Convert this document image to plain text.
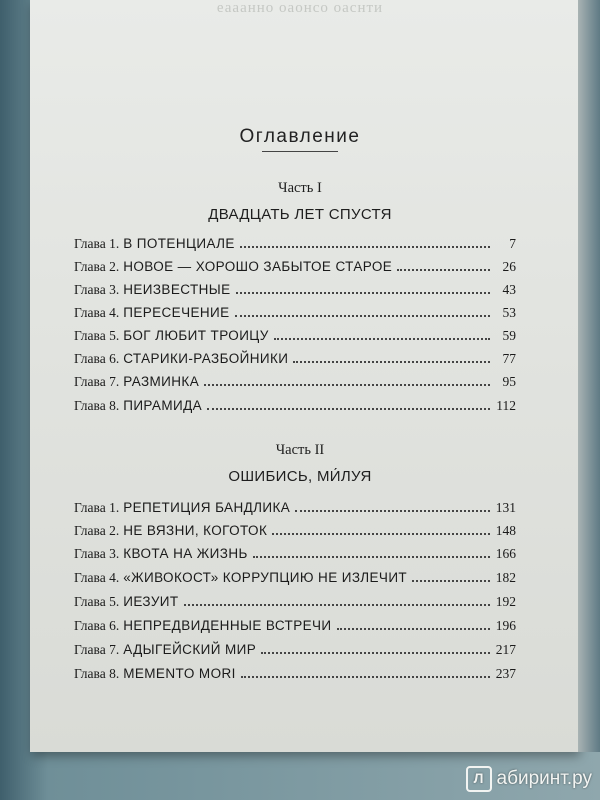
еааанно оаонсо оаснти
Оглавление
Часть I
ДВАДЦАТЬ ЛЕТ СПУСТЯ
Глава 1. В ПОТЕНЦИАЛЕ	7
Глава 2. НОВОЕ — ХОРОШО ЗАБЫТОЕ СТАРОЕ	26
Глава 3. НЕИЗВЕСТНЫЕ	43
Глава 4. ПЕРЕСЕЧЕНИЕ	53
Глава 5. БОГ ЛЮБИТ ТРОИЦУ	59
Глава 6. СТАРИКИ-РАЗБОЙНИКИ	77
Глава 7. РАЗМИНКА	95
Глава 8. ПИРАМИДА	112
Часть II
ОШИБИСЬ, МИ́ЛУЯ
Глава 1. РЕПЕТИЦИЯ БАНДЛИКА	131
Глава 2. НЕ ВЯЗНИ, КОГОТОК	148
Глава 3. КВОТА НА ЖИЗНЬ	166
Глава 4. «ЖИВОКОСТ» КОРРУПЦИЮ НЕ ИЗЛЕЧИТ	182
Глава 5. ИЕЗУИТ	192
Глава 6. НЕПРЕДВИДЕННЫЕ ВСТРЕЧИ	196
Глава 7. АДЫГЕЙСКИЙ МИР	217
Глава 8. MEMENTO MORI	237
Л абиринт.ру
